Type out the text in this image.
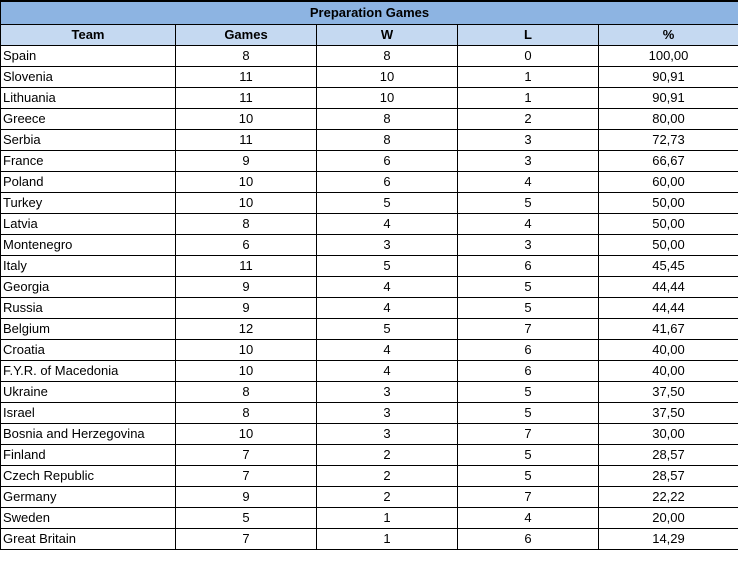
Preparation Games				
Team	Games	W	L	%
Spain	8	8	0	100,00
Slovenia	11	10	1	90,91
Lithuania	11	10	1	90,91
Greece	10	8	2	80,00
Serbia	11	8	3	72,73
France	9	6	3	66,67
Poland	10	6	4	60,00
Turkey	10	5	5	50,00
Latvia	8	4	4	50,00
Montenegro	6	3	3	50,00
Italy	11	5	6	45,45
Georgia	9	4	5	44,44
Russia	9	4	5	44,44
Belgium	12	5	7	41,67
Croatia	10	4	6	40,00
F.Y.R. of Macedonia	10	4	6	40,00
Ukraine	8	3	5	37,50
Israel	8	3	5	37,50
Bosnia and Herzegovina	10	3	7	30,00
Finland	7	2	5	28,57
Czech Republic	7	2	5	28,57
Germany	9	2	7	22,22
Sweden	5	1	4	20,00
Great Britain	7	1	6	14,29
